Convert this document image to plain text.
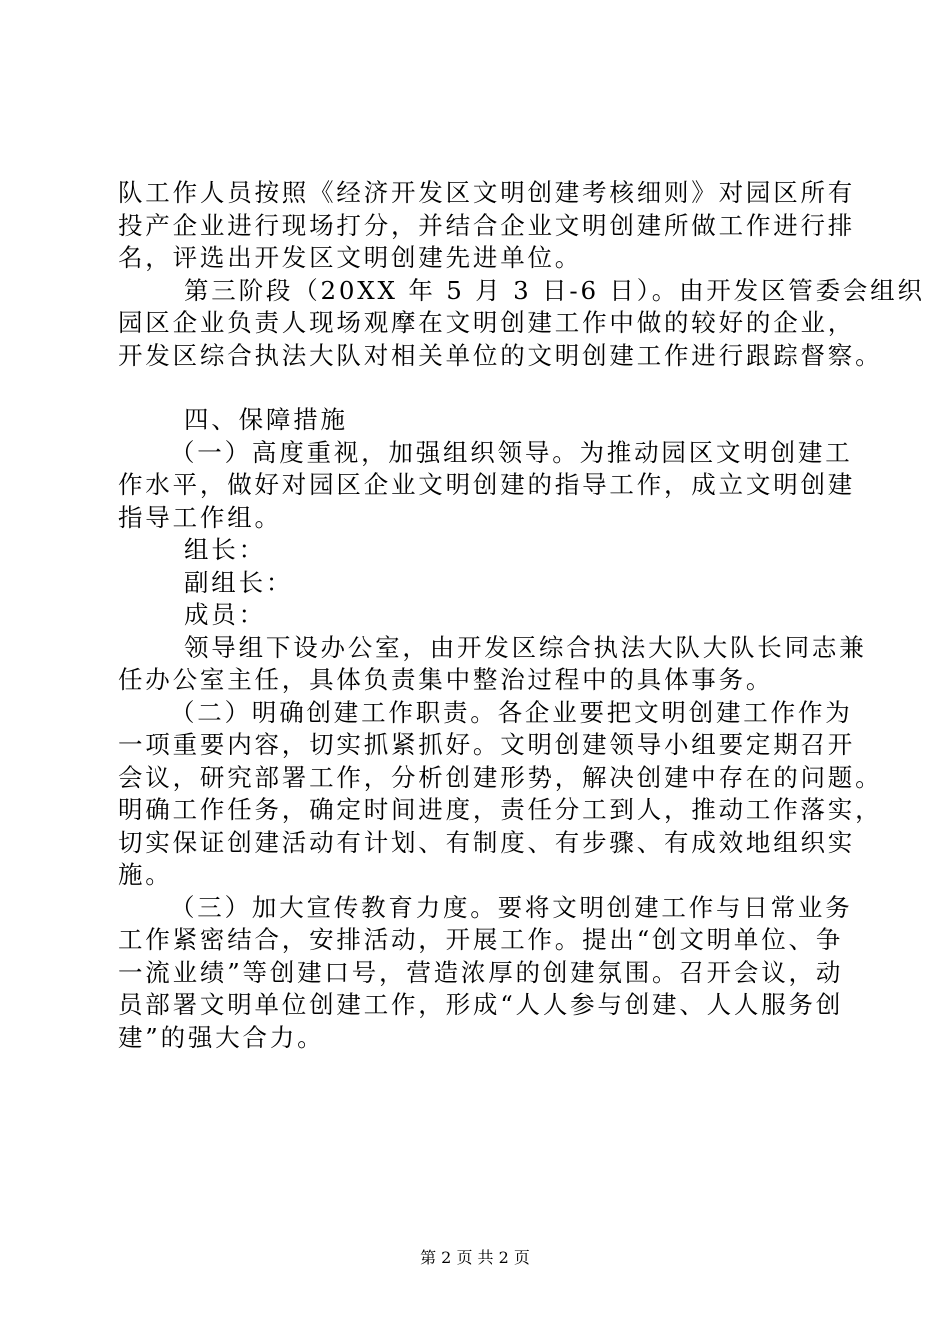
队工作人员按照《经济开发区文明创建考核细则》对园区所有
投产企业进行现场打分，并结合企业文明创建所做工作进行排
名，评选出开发区文明创建先进单位。
第三阶段（20XX 年 5 月 3 日-6 日）。由开发区管委会组织
园区企业负责人现场观摩在文明创建工作中做的较好的企业，
开发区综合执法大队对相关单位的文明创建工作进行跟踪督察。
四、保障措施
（一）高度重视，加强组织领导。为推动园区文明创建工
作水平，做好对园区企业文明创建的指导工作，成立文明创建
指导工作组。
组长：
副组长：
成员：
领导组下设办公室，由开发区综合执法大队大队长同志兼
任办公室主任，具体负责集中整治过程中的具体事务。
（二）明确创建工作职责。各企业要把文明创建工作作为
一项重要内容，切实抓紧抓好。文明创建领导小组要定期召开
会议，研究部署工作，分析创建形势，解决创建中存在的问题。
明确工作任务，确定时间进度，责任分工到人，推动工作落实，
切实保证创建活动有计划、有制度、有步骤、有成效地组织实
施。
（三）加大宣传教育力度。要将文明创建工作与日常业务
工作紧密结合，安排活动，开展工作。提出“创文明单位、争
一流业绩”等创建口号，营造浓厚的创建氛围。召开会议，动
员部署文明单位创建工作，形成“人人参与创建、人人服务创
建”的强大合力。
第 2 页 共 2 页
